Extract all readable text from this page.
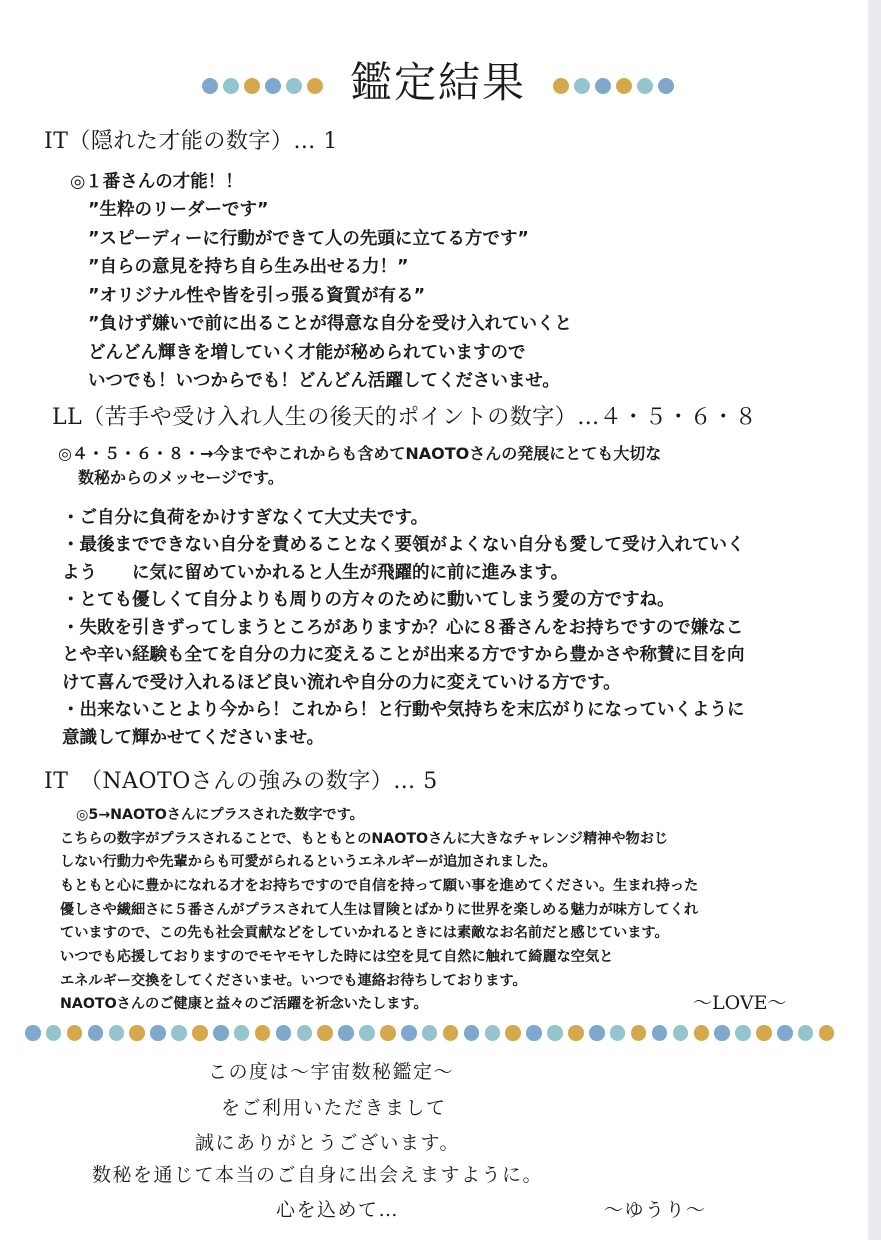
鑑定結果
IT（隠れた才能の数字）… 1
◎１番さんの才能！！
”生粋のリーダーです”
”スピーディーに行動ができて人の先頭に立てる方です”
”自らの意見を持ち自ら生み出せる力！”
”オリジナル性や皆を引っ張る資質が有る”
”負けず嫌いで前に出ることが得意な自分を受け入れていくと
どんどん輝きを増していく才能が秘められていますので
いつでも！いつからでも！どんどん活躍してくださいませ。
LL（苦手や受け入れ人生の後天的ポイントの数字）…４・５・６・８
◎４・５・６・８・→今までやこれからも含めてNAOTOさんの発展にとても大切な
数秘からのメッセージです。
・ご自分に負荷をかけすぎなくて大丈夫です。
・最後までできない自分を責めることなく要領がよくない自分も愛して受け入れていく
よう　　に気に留めていかれると人生が飛躍的に前に進みます。
・とても優しくて自分よりも周りの方々のために動いてしまう愛の方ですね。
・失敗を引きずってしまうところがありますか？心に８番さんをお持ちですので嫌なこ
とや辛い経験も全てを自分の力に変えることが出来る方ですから豊かさや称賛に目を向
けて喜んで受け入れるほど良い流れや自分の力に変えていける方です。
・出来ないことより今から！これから！と行動や気持ちを末広がりになっていくように
意識して輝かせてくださいませ。
IT　（NAOTOさんの強みの数字）… 5
◎5→NAOTOさんにプラスされた数字です。
こちらの数字がプラスされることで、もともとのNAOTOさんに大きなチャレンジ精神や物おじ
しない行動力や先輩からも可愛がられるというエネルギーが追加されました。
もともと心に豊かになれる才をお持ちですので自信を持って願い事を進めてください。生まれ持った
優しさや繊細さに５番さんがプラスされて人生は冒険とばかりに世界を楽しめる魅力が味方してくれ
ていますので、この先も社会貢献などをしていかれるときには素敵なお名前だと感じています。
いつでも応援しておりますのでモヤモヤした時には空を見て自然に触れて綺麗な空気と
エネルギー交換をしてくださいませ。いつでも連絡お待ちしております。
NAOTOさんのご健康と益々のご活躍を祈念いたします。	〜LOVE〜
この度は〜宇宙数秘鑑定〜
をご利用いただきまして
誠にありがとうございます。
数秘を通じて本当のご自身に出会えますように。
心を込めて…	〜ゆうり〜
